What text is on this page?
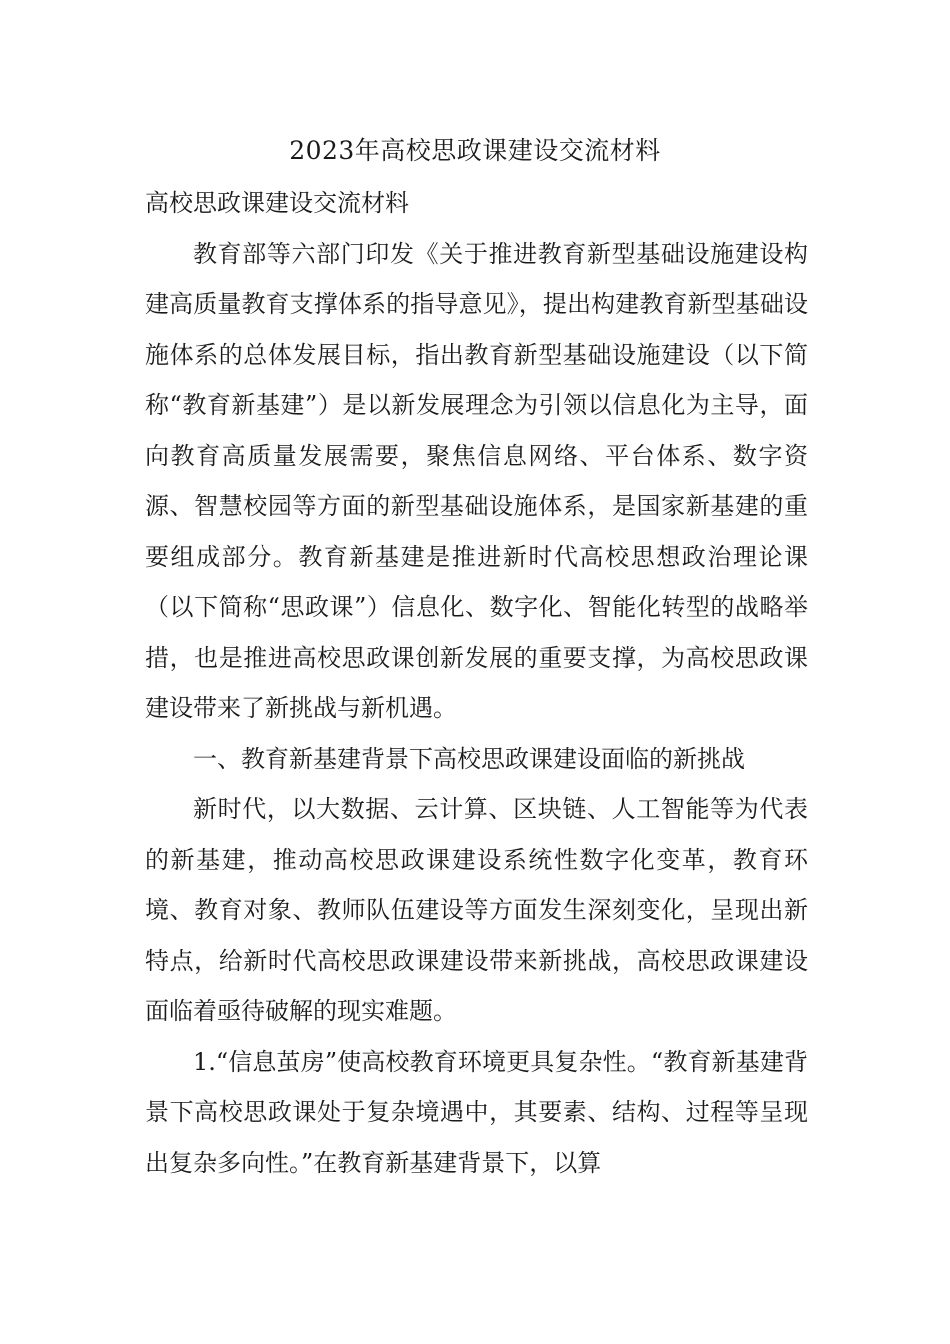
2023年高校思政课建设交流材料

高校思政课建设交流材料

教育部等六部门印发《关于推进教育新型基础设施建设构建高质量教育支撑体系的指导意见》，提出构建教育新型基础设施体系的总体发展目标，指出教育新型基础设施建设（以下简称“教育新基建”）是以新发展理念为引领以信息化为主导，面向教育高质量发展需要，聚焦信息网络、平台体系、数字资源、智慧校园等方面的新型基础设施体系，是国家新基建的重要组成部分。教育新基建是推进新时代高校思想政治理论课（以下简称“思政课”）信息化、数字化、智能化转型的战略举措，也是推进高校思政课创新发展的重要支撑，为高校思政课建设带来了新挑战与新机遇。

一、教育新基建背景下高校思政课建设面临的新挑战

新时代，以大数据、云计算、区块链、人工智能等为代表的新基建，推动高校思政课建设系统性数字化变革，教育环境、教育对象、教师队伍建设等方面发生深刻变化，呈现出新特点，给新时代高校思政课建设带来新挑战，高校思政课建设面临着亟待破解的现实难题。

1.“信息茧房”使高校教育环境更具复杂性。“教育新基建背景下高校思政课处于复杂境遇中，其要素、结构、过程等呈现出复杂多向性。”在教育新基建背景下，以算
